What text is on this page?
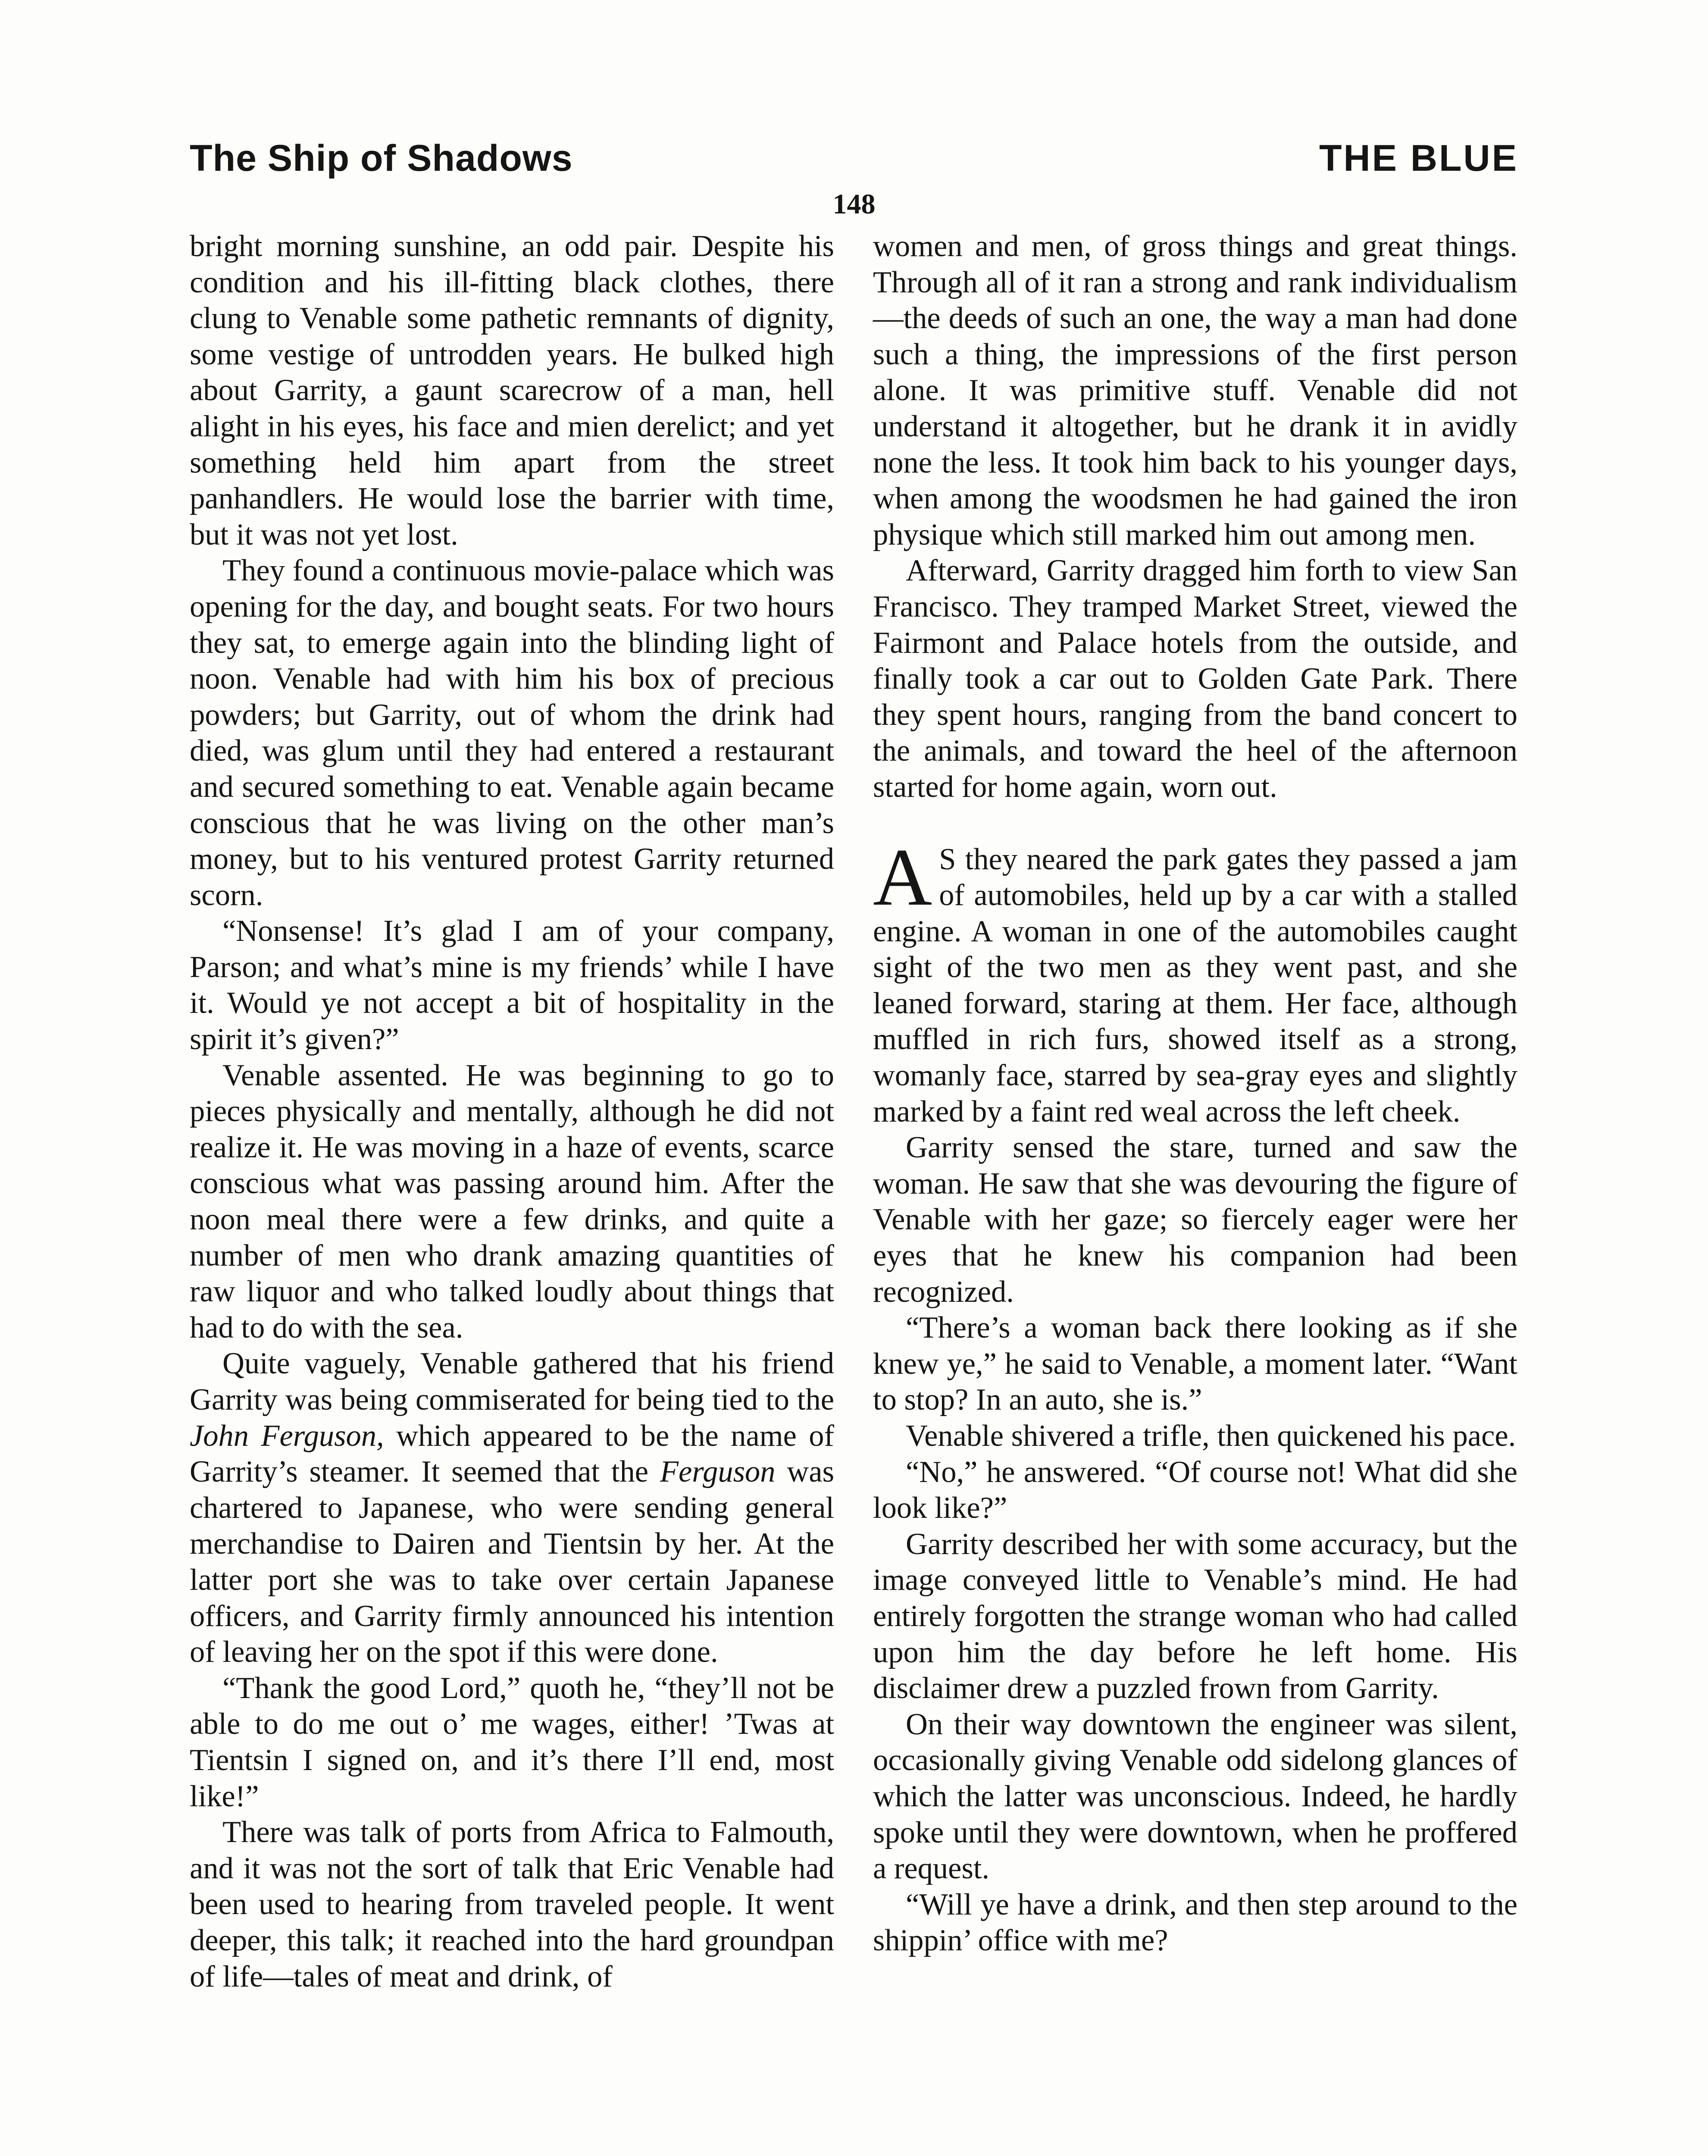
The Ship of Shadows	THE BLUE
148

bright morning sunshine, an odd pair. Despite his condition and his ill-fitting black clothes, there clung to Venable some pathetic remnants of dignity, some vestige of untrodden years. He bulked high about Garrity, a gaunt scarecrow of a man, hell alight in his eyes, his face and mien derelict; and yet something held him apart from the street panhandlers. He would lose the barrier with time, but it was not yet lost.

They found a continuous movie-palace which was opening for the day, and bought seats. For two hours they sat, to emerge again into the blinding light of noon. Venable had with him his box of precious powders; but Garrity, out of whom the drink had died, was glum until they had entered a restaurant and secured something to eat. Venable again became conscious that he was living on the other man’s money, but to his ventured protest Garrity returned scorn.

“Nonsense! It’s glad I am of your company, Parson; and what’s mine is my friends’ while I have it. Would ye not accept a bit of hospitality in the spirit it’s given?”

Venable assented. He was beginning to go to pieces physically and mentally, although he did not realize it. He was moving in a haze of events, scarce conscious what was passing around him. After the noon meal there were a few drinks, and quite a number of men who drank amazing quantities of raw liquor and who talked loudly about things that had to do with the sea.

Quite vaguely, Venable gathered that his friend Garrity was being commiserated for being tied to the John Ferguson, which appeared to be the name of Garrity’s steamer. It seemed that the Ferguson was chartered to Japanese, who were sending general merchandise to Dairen and Tientsin by her. At the latter port she was to take over certain Japanese officers, and Garrity firmly announced his intention of leaving her on the spot if this were done.

“Thank the good Lord,” quoth he, “they’ll not be able to do me out o’ me wages, either! ’Twas at Tientsin I signed on, and it’s there I’ll end, most like!”

There was talk of ports from Africa to Falmouth, and it was not the sort of talk that Eric Venable had been used to hearing from traveled people. It went deeper, this talk; it reached into the hard groundpan of life—tales of meat and drink, of

women and men, of gross things and great things. Through all of it ran a strong and rank individualism—the deeds of such an one, the way a man had done such a thing, the impressions of the first person alone. It was primitive stuff. Venable did not understand it altogether, but he drank it in avidly none the less. It took him back to his younger days, when among the woodsmen he had gained the iron physique which still marked him out among men.

Afterward, Garrity dragged him forth to view San Francisco. They tramped Market Street, viewed the Fairmont and Palace hotels from the outside, and finally took a car out to Golden Gate Park. There they spent hours, ranging from the band concert to the animals, and toward the heel of the afternoon started for home again, worn out.

A S they neared the park gates they passed a jam of automobiles, held up by a car with a stalled engine. A woman in one of the automobiles caught sight of the two men as they went past, and she leaned forward, staring at them. Her face, although muffled in rich furs, showed itself as a strong, womanly face, starred by sea-gray eyes and slightly marked by a faint red weal across the left cheek.

Garrity sensed the stare, turned and saw the woman. He saw that she was devouring the figure of Venable with her gaze; so fiercely eager were her eyes that he knew his companion had been recognized.

“There’s a woman back there looking as if she knew ye,” he said to Venable, a moment later. “Want to stop? In an auto, she is.”

Venable shivered a trifle, then quickened his pace.

“No,” he answered. “Of course not! What did she look like?”

Garrity described her with some accuracy, but the image conveyed little to Venable’s mind. He had entirely forgotten the strange woman who had called upon him the day before he left home. His disclaimer drew a puzzled frown from Garrity.

On their way downtown the engineer was silent, occasionally giving Venable odd sidelong glances of which the latter was unconscious. Indeed, he hardly spoke until they were downtown, when he proffered a request.

“Will ye have a drink, and then step around to the shippin’ office with me?
